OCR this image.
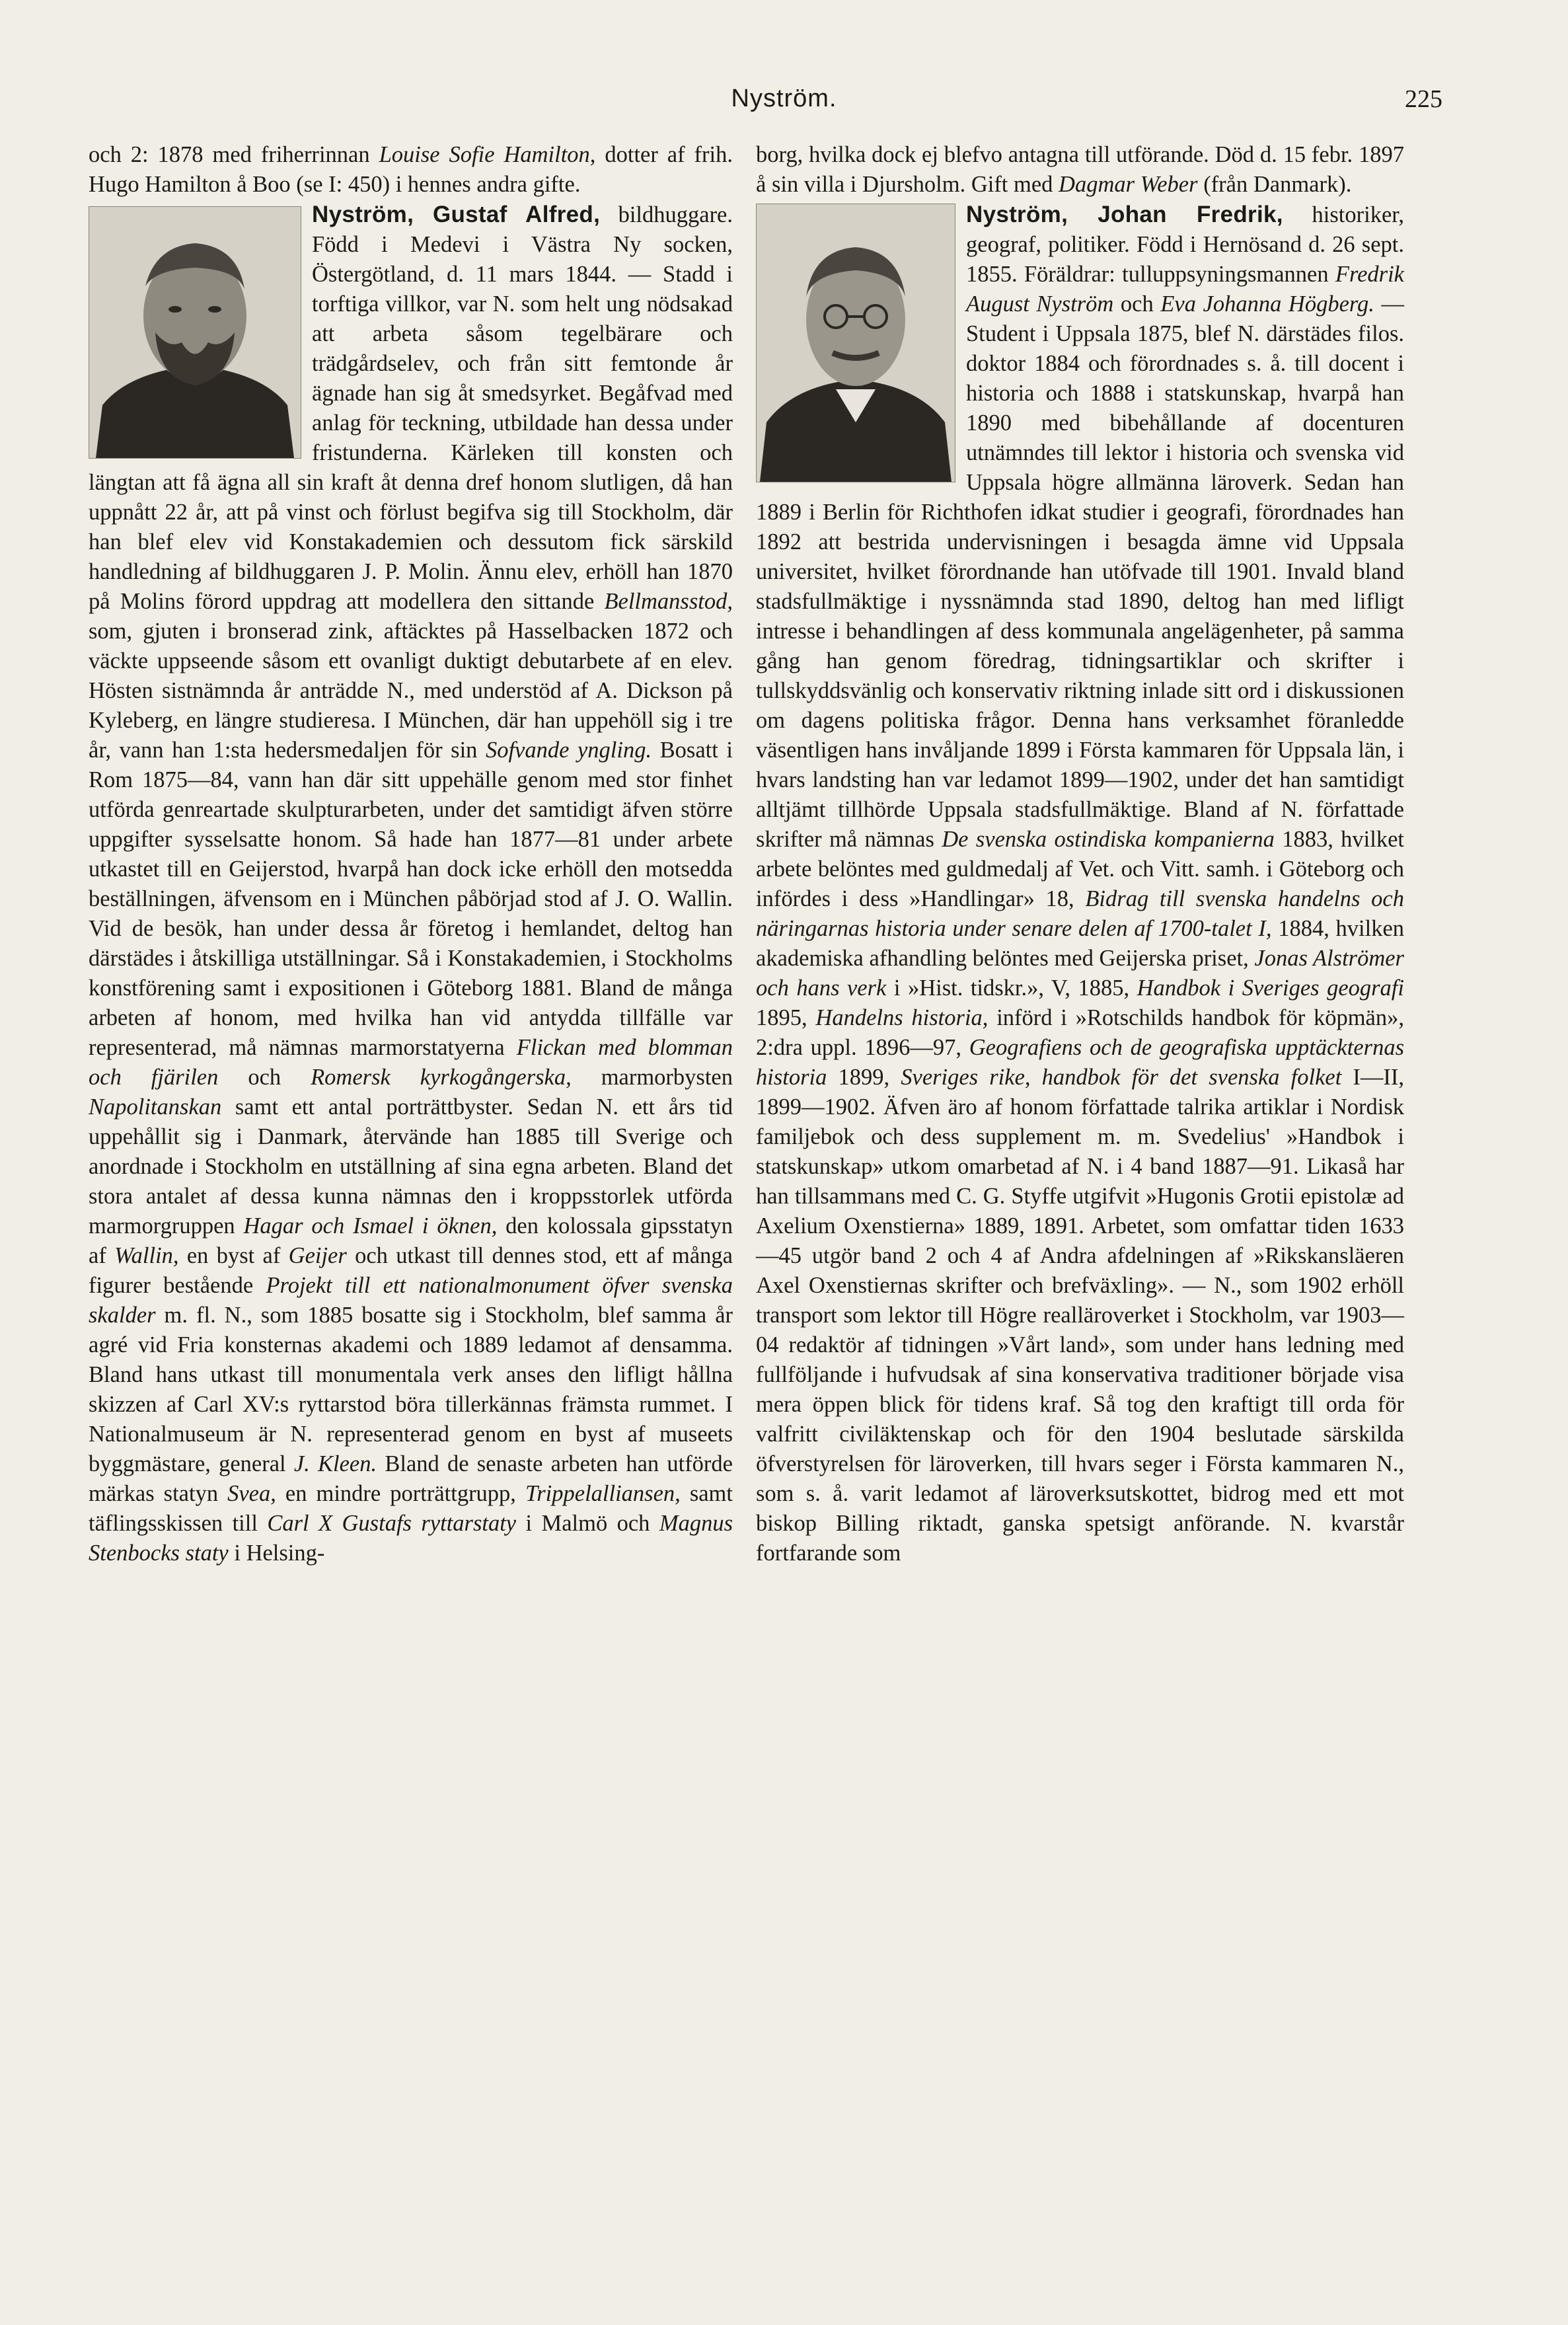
Nyström.	225

och 2: 1878 med friherrinnan Louise Sofie Hamilton, dotter af frih. Hugo Hamilton å Boo (se I: 450) i hennes andra gifte.

Nyström, Gustaf Alfred,
bildhuggare. Född i Medevi i Västra Ny socken, Östergötland, d. 11 mars 1844. — Stadd i torftiga villkor, var N. som helt ung nödsakad att arbeta såsom tegelbärare och trädgårdselev, och från sitt femtonde år ägnade han sig åt smedsyrket. Begåfvad med anlag för teckning, utbildade han dessa under fristunderna. Kärleken till konsten och längtan att få ägna all sin kraft åt denna dref honom slutligen, då han uppnått 22 år, att på vinst och förlust begifva sig till Stockholm, där han blef elev vid Konstakademien och dessutom fick särskild handledning af bildhuggaren J. P. Molin. Ännu elev, erhöll han 1870 på Molins förord uppdrag att modellera den sittande Bellmansstod, som, gjuten i bronserad zink, aftäcktes på Hasselbacken 1872 och väckte uppseende såsom ett ovanligt duktigt debutarbete af en elev. Hösten sistnämnda år anträdde N., med understöd af A. Dickson på Kyleberg, en längre studieresa. I München, där han uppehöll sig i tre år, vann han 1:sta hedersmedaljen för sin Sofvande yngling. Bosatt i Rom 1875—84, vann han där sitt uppehälle genom med stor finhet utförda genreartade skulpturarbeten, under det samtidigt äfven större uppgifter sysselsatte honom. Så hade han 1877—81 under arbete utkastet till en Geijerstod, hvarpå han dock icke erhöll den motsedda beställningen, äfvensom en i München påbörjad stod af J. O. Wallin. Vid de besök, han under dessa år företog i hemlandet, deltog han därstädes i åtskilliga utställningar. Så i Konstakademien, i Stockholms konstförening samt i expositionen i Göteborg 1881. Bland de många arbeten af honom, med hvilka han vid antydda tillfälle var representerad, må nämnas marmorstatyerna Flickan med blomman och fjärilen och Romersk kyrkogångerska, marmorbysten Napolitanskan samt ett antal porträttbyster. Sedan N. ett års tid uppehållit sig i Danmark, återvände han 1885 till Sverige och anordnade i Stockholm en utställning af sina egna arbeten. Bland det stora antalet af dessa kunna nämnas den i kroppsstorlek utförda marmorgruppen Hagar och Ismael i öknen, den kolossala gipsstatyn af Wallin, en byst af Geijer och utkast till dennes stod, ett af många figurer bestående Projekt till ett nationalmonument öfver svenska skalder m. fl. N., som 1885 bosatte sig i Stockholm, blef samma år agré vid Fria konsternas akademi och 1889 ledamot af densamma. Bland hans utkast till monumentala verk anses den lifligt hållna skizzen af Carl XV:s ryttarstod böra tillerkännas främsta rummet. I Nationalmuseum är N. representerad genom en byst af museets byggmästare, general J. Kleen. Bland de senaste arbeten han utförde märkas statyn Svea, en mindre porträttgrupp, Trippelalliansen, samt täflingsskissen till Carl X Gustafs ryttarstaty i Malmö och Magnus Stenbocks staty i Helsing-

borg, hvilka dock ej blefvo antagna till utförande. Död d. 15 febr. 1897 å sin villa i Djursholm. Gift med Dagmar Weber (från Danmark).

Nyström, Johan Fredrik,
historiker, geograf, politiker. Född i Hernösand d. 26 sept. 1855. Föräldrar: tulluppsyningsmannen Fredrik August Nyström och Eva Johanna Högberg. — Student i Uppsala 1875, blef N. därstädes filos. doktor 1884 och förordnades s. å. till docent i historia och 1888 i statskunskap, hvarpå han 1890 med bibehållande af docenturen utnämndes till lektor i historia och svenska vid Uppsala högre allmänna läroverk. Sedan han 1889 i Berlin för Richthofen idkat studier i geografi, förordnades han 1892 att bestrida undervisningen i besagda ämne vid Uppsala universitet, hvilket förordnande han utöfvade till 1901. Invald bland stadsfullmäktige i nyssnämnda stad 1890, deltog han med lifligt intresse i behandlingen af dess kommunala angelägenheter, på samma gång han genom föredrag, tidningsartiklar och skrifter i tullskyddsvänlig och konservativ riktning inlade sitt ord i diskussionen om dagens politiska frågor. Denna hans verksamhet föranledde väsentligen hans invåljande 1899 i Första kammaren för Uppsala län, i hvars landsting han var ledamot 1899—1902, under det han samtidigt alltjämt tillhörde Uppsala stadsfullmäktige. Bland af N. författade skrifter må nämnas De svenska ostindiska kompanierna 1883, hvilket arbete belöntes med guldmedalj af Vet. och Vitt. samh. i Göteborg och infördes i dess »Handlingar» 18, Bidrag till svenska handelns och näringarnas historia under senare delen af 1700-talet I, 1884, hvilken akademiska afhandling belöntes med Geijerska priset, Jonas Alströmer och hans verk i »Hist. tidskr.», V, 1885, Handbok i Sveriges geografi 1895, Handelns historia, införd i »Rotschilds handbok för köpmän», 2:dra uppl. 1896—97, Geografiens och de geografiska upptäckternas historia 1899, Sveriges rike, handbok för det svenska folket I—II, 1899—1902. Äfven äro af honom författade talrika artiklar i Nordisk familjebok och dess supplement m. m. Svedelius' »Handbok i statskunskap» utkom omarbetad af N. i 4 band 1887—91. Likaså har han tillsammans med C. G. Styffe utgifvit »Hugonis Grotii epistolæ ad Axelium Oxenstierna» 1889, 1891. Arbetet, som omfattar tiden 1633—45 utgör band 2 och 4 af Andra afdelningen af »Rikskansläeren Axel Oxenstiernas skrifter och brefväxling». — N., som 1902 erhöll transport som lektor till Högre realläroverket i Stockholm, var 1903—04 redaktör af tidningen »Vårt land», som under hans ledning med fullföljande i hufvudsak af sina konservativa traditioner började visa mera öppen blick för tidens kraf. Så tog den kraftigt till orda för valfritt civiläktenskap och för den 1904 beslutade särskilda öfverstyrelsen för läroverken, till hvars seger i Första kammaren N., som s. å. varit ledamot af läroverksutskottet, bidrog med ett mot biskop Billing riktadt, ganska spetsigt anförande. N. kvarstår fortfarande som
